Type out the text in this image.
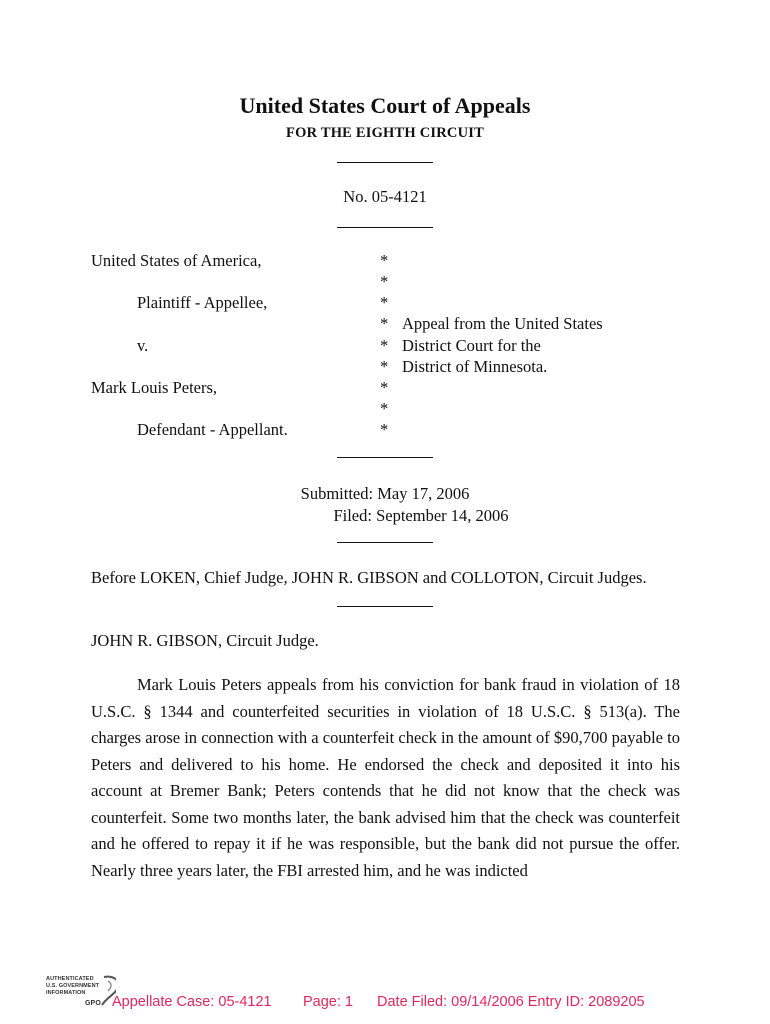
United States Court of Appeals
FOR THE EIGHTH CIRCUIT
No. 05-4121
United States of America,
Plaintiff - Appellee,
v.
Mark Louis Peters,
Defendant - Appellant.
*
*
*
*
*
*
*
*
*
Appeal from the United States
District Court for the
District of Minnesota.
Submitted: May 17, 2006
Filed: September 14, 2006
Before LOKEN, Chief Judge, JOHN R. GIBSON and COLLOTON, Circuit Judges.
JOHN R. GIBSON, Circuit Judge.
Mark Louis Peters appeals from his conviction for bank fraud in violation of 18 U.S.C. § 1344 and counterfeited securities in violation of 18 U.S.C. § 513(a). The charges arose in connection with a counterfeit check in the amount of $90,700 payable to Peters and delivered to his home. He endorsed the check and deposited it into his account at Bremer Bank; Peters contends that he did not know that the check was counterfeit. Some two months later, the bank advised him that the check was counterfeit and he offered to repay it if he was responsible, but the bank did not pursue the offer. Nearly three years later, the FBI arrested him, and he was indicted
AUTHENTICATED
U.S. GOVERNMENT
INFORMATION
GPO Appellate Case: 05-4121 Page: 1 Date Filed: 09/14/2006 Entry ID: 2089205
